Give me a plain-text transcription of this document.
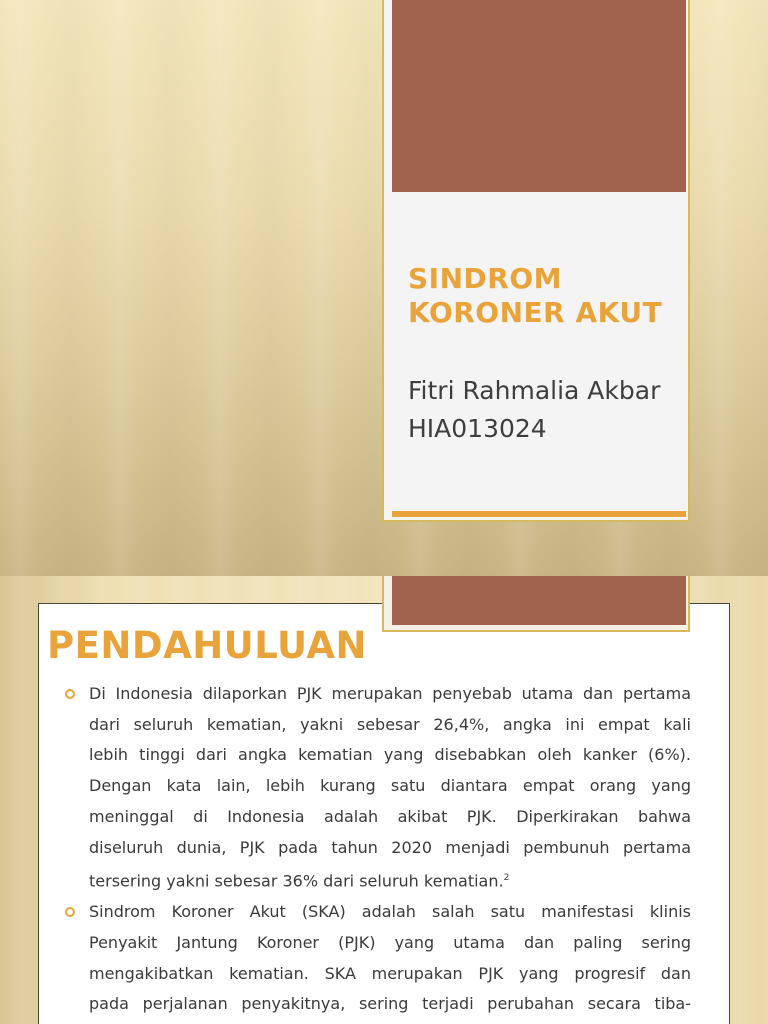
SINDROM
KORONER AKUT
Fitri Rahmalia Akbar
HIA013024
PENDAHULUAN
Di Indonesia dilaporkan PJK merupakan penyebab utama dan pertama
dari seluruh kematian, yakni sebesar 26,4%, angka ini empat kali
lebih tinggi dari angka kematian yang disebabkan oleh kanker (6%).
Dengan kata lain, lebih kurang satu diantara empat orang yang
meninggal di Indonesia adalah akibat PJK. Diperkirakan bahwa
diseluruh dunia, PJK pada tahun 2020 menjadi pembunuh pertama
tersering yakni sebesar 36% dari seluruh kematian.$^2$
Sindrom Koroner Akut (SKA) adalah salah satu manifestasi klinis
Penyakit Jantung Koroner (PJK) yang utama dan paling sering
mengakibatkan kematian. SKA merupakan PJK yang progresif dan
pada perjalanan penyakitnya, sering terjadi perubahan secara tiba-
